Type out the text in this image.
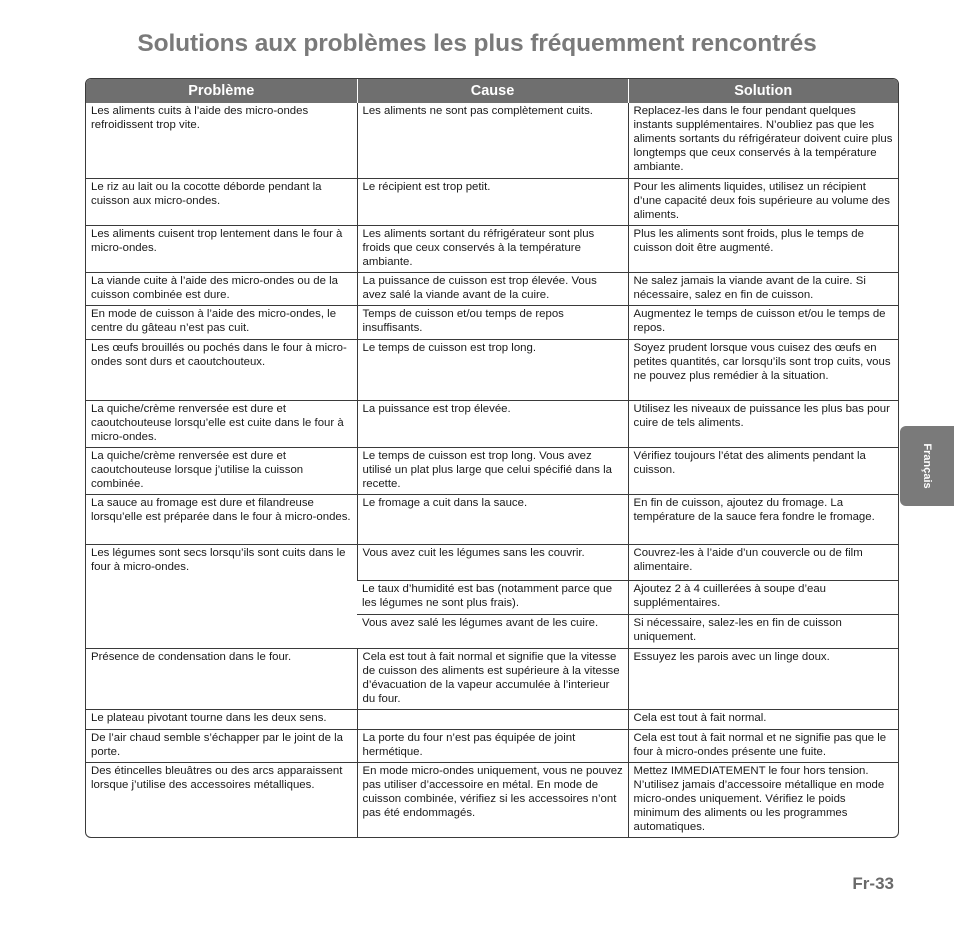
Solutions aux problèmes les plus fréquemment rencontrés
Problème	Cause	Solution
Les aliments cuits à l’aide des micro-ondes refroidissent trop vite.	Les aliments ne sont pas complètement cuits.	Replacez-les dans le four pendant quelques instants supplémentaires. N’oubliez pas que les aliments sortants du réfrigérateur doivent cuire plus longtemps que ceux conservés à la température ambiante.
Le riz au lait ou la cocotte déborde pendant la cuisson aux micro-ondes.	Le récipient est trop petit.	Pour les aliments liquides, utilisez un récipient d’une capacité deux fois supérieure au volume des aliments.
Les aliments cuisent trop lentement dans le four à micro-ondes.	Les aliments sortant du réfrigérateur sont plus froids que ceux conservés à la température ambiante.	Plus les aliments sont froids, plus le temps de cuisson doit être augmenté.
La viande cuite à l’aide des micro-ondes ou de la cuisson combinée est dure.	La puissance de cuisson est trop élevée. Vous avez salé la viande avant de la cuire.	Ne salez jamais la viande avant de la cuire. Si nécessaire, salez en fin de cuisson.
En mode de cuisson à l’aide des micro-ondes, le centre du gâteau n’est pas cuit.	Temps de cuisson et/ou temps de repos insuffisants.	Augmentez le temps de cuisson et/ou le temps de repos.
Les œufs brouillés ou pochés dans le four à micro-ondes sont durs et caoutchouteux.	Le temps de cuisson est trop long.	Soyez prudent lorsque vous cuisez des œufs en petites quantités, car lorsqu’ils sont trop cuits, vous ne pouvez plus remédier à la situation.
La quiche/crème renversée est dure et caoutchouteuse lorsqu’elle est cuite dans le four à micro-ondes.	La puissance est trop élevée.	Utilisez les niveaux de puissance les plus bas pour cuire de tels aliments.
La quiche/crème renversée est dure et caoutchouteuse lorsque j’utilise la cuisson combinée.	Le temps de cuisson est trop long. Vous avez utilisé un plat plus large que celui spécifié dans la recette.	Vérifiez toujours l’état des aliments pendant la cuisson.
La sauce au fromage est dure et filandreuse lorsqu’elle est préparée dans le four à micro-ondes.	Le fromage a cuit dans la sauce.	En fin de cuisson, ajoutez du fromage. La température de la sauce fera fondre le fromage.
Les légumes sont secs lorsqu’ils sont cuits dans le four à micro-ondes.	Vous avez cuit les légumes sans les couvrir.	Couvrez-les à l’aide d’un couvercle ou de film alimentaire.
	Le taux d’humidité est bas (notamment parce que les légumes ne sont plus frais).	Ajoutez 2 à 4 cuillerées à soupe d’eau supplémentaires.
	Vous avez salé les légumes avant de les cuire.	Si nécessaire, salez-les en fin de cuisson uniquement.
Présence de condensation dans le four.	Cela est tout à fait normal et signifie que la vitesse de cuisson des aliments est supérieure à la vitesse d’évacuation de la vapeur accumulée à l’interieur du four.	Essuyez les parois avec un linge doux.
Le plateau pivotant tourne dans les deux sens.		Cela est tout à fait normal.
De l’air chaud semble s’échapper par le joint de la porte.	La porte du four n’est pas équipée de joint hermétique.	Cela est tout à fait normal et ne signifie pas que le four à micro-ondes présente une fuite.
Des étincelles bleuâtres ou des arcs apparaissent lorsque j’utilise des accessoires métalliques.	En mode micro-ondes uniquement, vous ne pouvez pas utiliser d’accessoire en métal. En mode de cuisson combinée, vérifiez si les accessoires n’ont pas été endommagés.	Mettez IMMEDIATEMENT le four hors tension. N’utilisez jamais d’accessoire métallique en mode micro-ondes uniquement. Vérifiez le poids minimum des aliments ou les programmes automatiques.
Français
Fr-33
